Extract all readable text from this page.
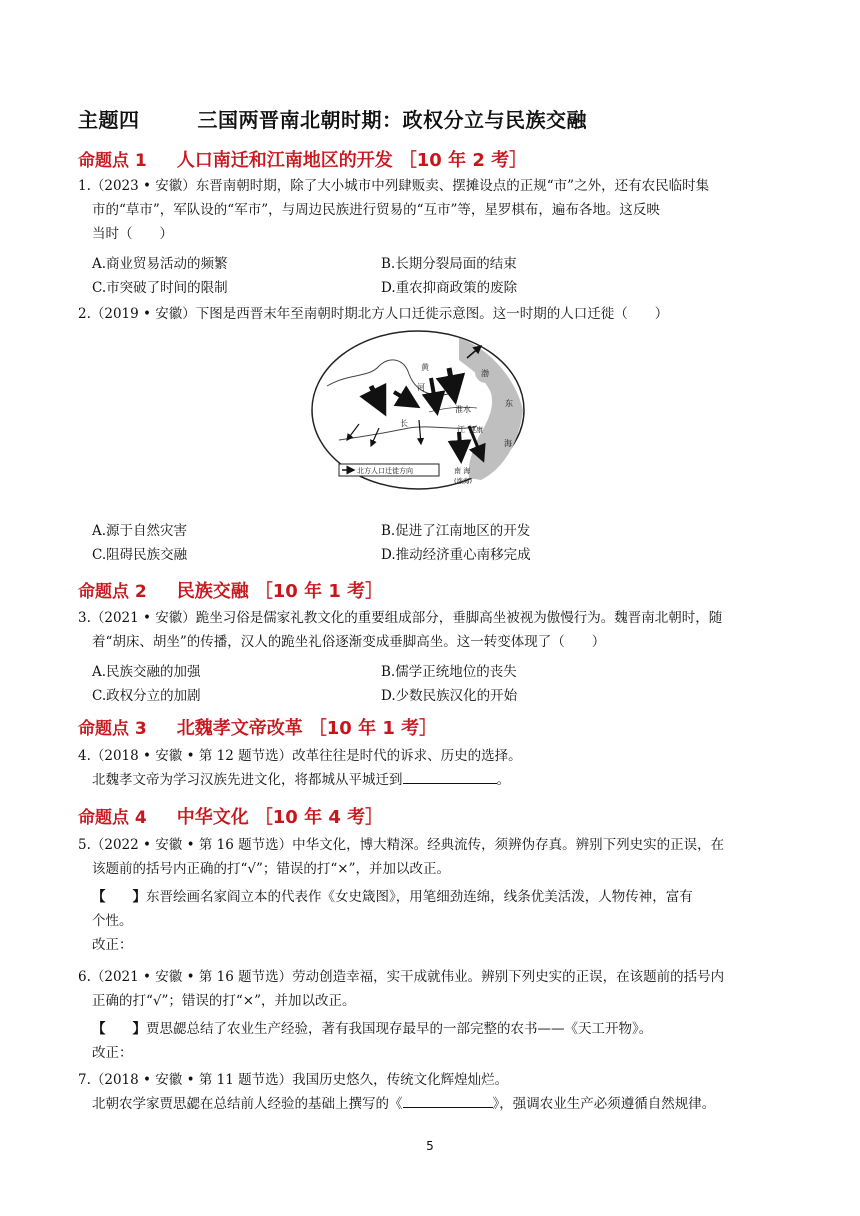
主题四	三国两晋南北朝时期：政权分立与民族交融
命题点 1 人口南迁和江南地区的开发 ［10 年 2 考］
1.（2023 • 安徽）东晋南朝时期，除了大小城市中列肆贩卖、摆摊设点的正规“市”之外，还有农民临时集
市的“草市”，军队设的“军市”，与周边民族进行贸易的“互市”等，星罗棋布，遍布各地。这反映
当时（　　）
A.商业贸易活动的频繁	B.长期分裂局面的结束
C.市突破了时间的限制	D.重农抑商政策的废除
2.（2019 • 安徽）下图是西晋末年至南朝时期北方人口迁徙示意图。这一时期的人口迁徙（　　）
黄
河
渤
淮水
东
长
江 建康
海
南 海
(涨海)
北方人口迁徙方向
A.源于自然灾害	B.促进了江南地区的开发
C.阻碍民族交融	D.推动经济重心南移完成
命题点 2 民族交融 ［10 年 1 考］
3.（2021 • 安徽）跪坐习俗是儒家礼教文化的重要组成部分，垂脚高坐被视为傲慢行为。魏晋南北朝时，随
着“胡床、胡坐”的传播，汉人的跪坐礼俗逐渐变成垂脚高坐。这一转变体现了（　　）
A.民族交融的加强	B.儒学正统地位的丧失
C.政权分立的加剧	D.少数民族汉化的开始
命题点 3 北魏孝文帝改革 ［10 年 1 考］
4.（2018 • 安徽 • 第 12 题节选）改革往往是时代的诉求、历史的选择。
北魏孝文帝为学习汉族先进文化，将都城从平城迁到	。
命题点 4 中华文化 ［10 年 4 考］
5.（2022 • 安徽 • 第 16 题节选）中华文化，博大精深。经典流传，须辨伪存真。辨别下列史实的正误，在
该题前的括号内正确的打“√”；错误的打“×”，并加以改正。
【　　】东晋绘画名家阎立本的代表作《女史箴图》，用笔细劲连绵，线条优美活泼，人物传神，富有
个性。
改正：
6.（2021 • 安徽 • 第 16 题节选）劳动创造幸福，实干成就伟业。辨别下列史实的正误，在该题前的括号内
正确的打“√”；错误的打“×”，并加以改正。
【　　】贾思勰总结了农业生产经验，著有我国现存最早的一部完整的农书——《天工开物》。
改正：
7.（2018 • 安徽 • 第 11 题节选）我国历史悠久，传统文化辉煌灿烂。
北朝农学家贾思勰在总结前人经验的基础上撰写的《	》，强调农业生产必须遵循自然规律。
5
